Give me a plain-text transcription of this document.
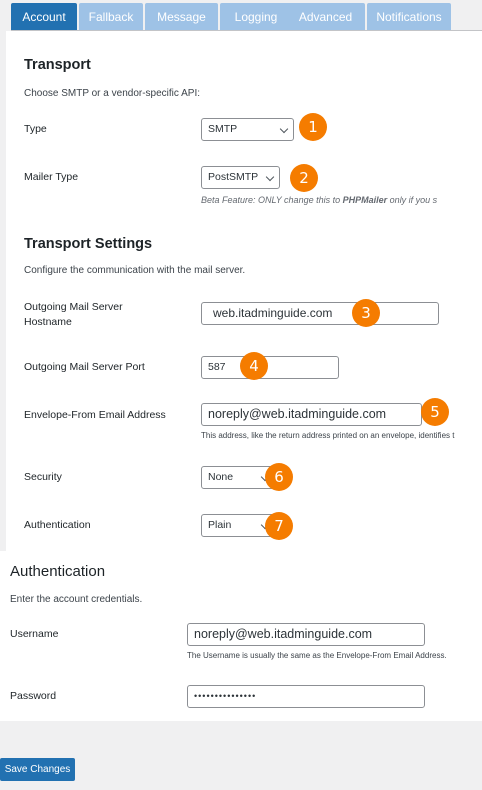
Account	Fallback	Message	Logging	Advanced	Notifications
Transport
Choose SMTP or a vendor-specific API:
Type	SMTP	1
Mailer Type	PostSMTP	2
Beta Feature: ONLY change this to PHPMailer only if you s
Transport Settings
Configure the communication with the mail server.
Outgoing Mail Server
Hostname
web.itadminguide.com	3
Outgoing Mail Server Port	587	4
Envelope-From Email Address	noreply@web.itadminguide.com	5
This address, like the return address printed on an envelope, identifies t
Security	None	6
Authentication	Plain	7
Authentication
Enter the account credentials.
Username	noreply@web.itadminguide.com
The Username is usually the same as the Envelope-From Email Address.
Password	•••••••••••••••
Save Changes
